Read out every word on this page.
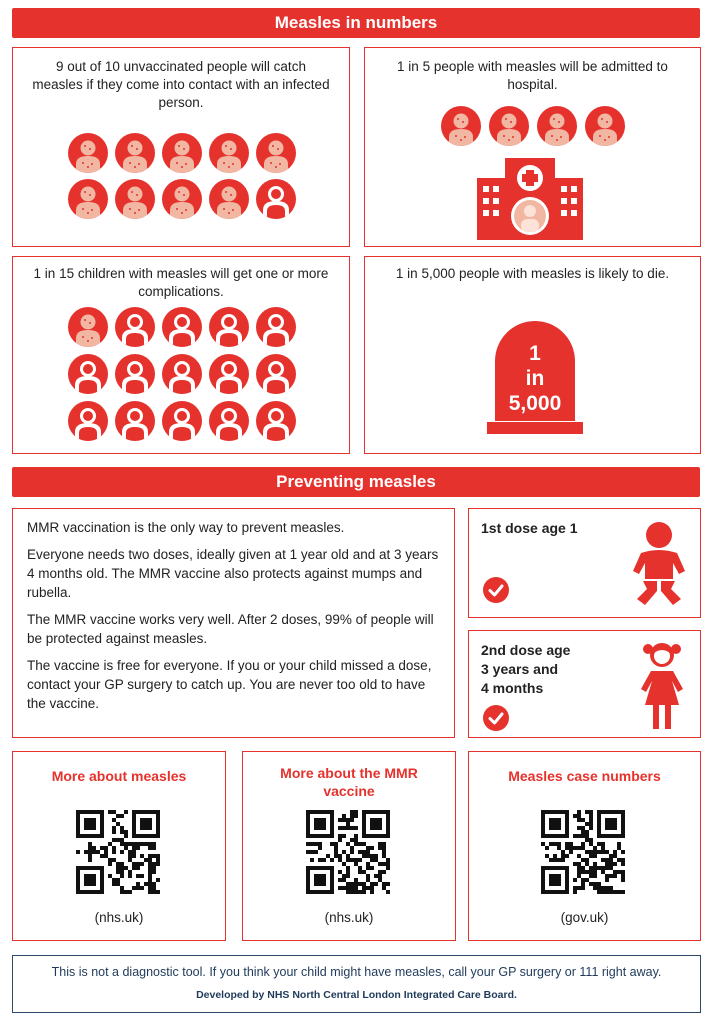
Measles in numbers
9 out of 10 unvaccinated people will catch measles if they come into contact with an infected person.
1 in 5 people with measles will be admitted to hospital.
1 in 15 children with measles will get one or more complications.
1 in 5,000 people with measles is likely to die.
1
in
5,000
Preventing measles

MMR vaccination is the only way to prevent measles.

Everyone needs two doses, ideally given at 1 year old and at 3 years 4 months old. The MMR vaccine also protects against mumps and rubella.

The MMR vaccine works very well. After 2 doses, 99% of people will be protected against measles.

The vaccine is free for everyone. If you or your child missed a dose, contact your GP surgery to catch up. You are never too old to have the vaccine.

1st dose age 1
2nd dose age
3 years and
4 months
More about measles
(nhs.uk)
More about the MMR vaccine
(nhs.uk)
Measles case numbers
(gov.uk)
This is not a diagnostic tool. If you think your child might have measles, call your GP surgery or 111 right away.
Developed by NHS North Central London Integrated Care Board.
